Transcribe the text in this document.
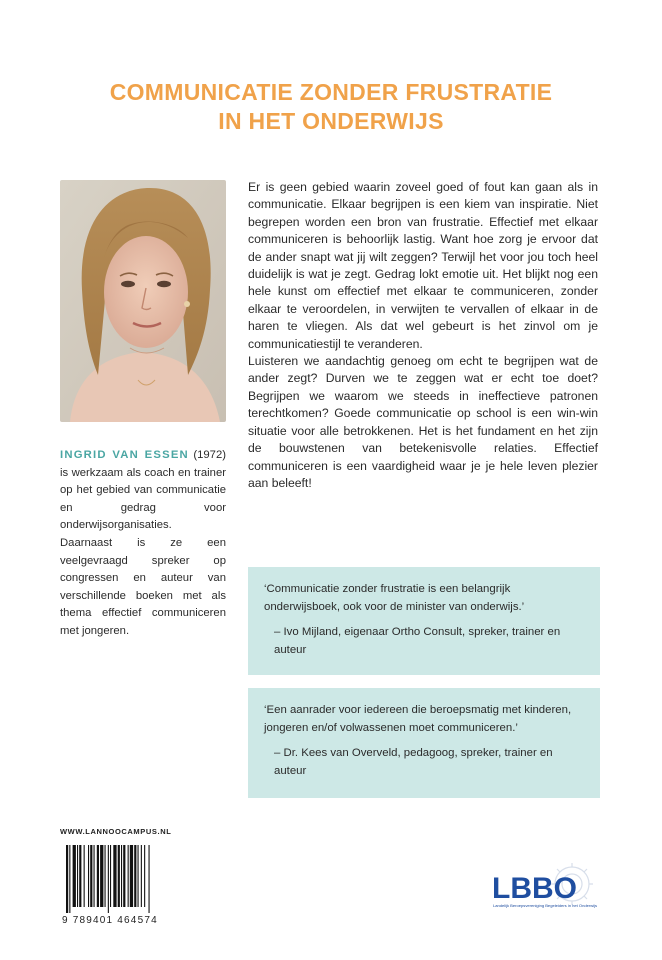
COMMUNICATIE ZONDER FRUSTRATIE
IN HET ONDERWIJS
INGRID VAN ESSEN (1972) is werkzaam als coach en trainer op het gebied van communicatie en gedrag voor onderwijsorganisaties. Daarnaast is ze een veelgevraagd spreker op congressen en auteur van verschillende boeken met als thema effectief communiceren met jongeren.

Er is geen gebied waarin zoveel goed of fout kan gaan als in communicatie. Elkaar begrijpen is een kiem van inspiratie. Niet begrepen worden een bron van frustratie. Effectief met elkaar communiceren is behoorlijk lastig. Want hoe zorg je ervoor dat de ander snapt wat jij wilt zeggen? Terwijl het voor jou toch heel duidelijk is wat je zegt. Gedrag lokt emotie uit. Het blijkt nog een hele kunst om effectief met elkaar te communiceren, zonder elkaar te veroordelen, in verwijten te vervallen of elkaar in de haren te vliegen. Als dat wel gebeurt is het zinvol om je communicatiestijl te veranderen.

Luisteren we aandachtig genoeg om echt te begrijpen wat de ander zegt? Durven we te zeggen wat er echt toe doet? Begrijpen we waarom we steeds in ineffectieve patronen terechtkomen? Goede communicatie op school is een win-win situatie voor alle betrokkenen. Het is het fundament en het zijn de bouwstenen van betekenisvolle relaties. Effectief communiceren is een vaardigheid waar je je hele leven plezier aan beleeft!

‘Communicatie zonder frustratie is een belangrijk onderwijsboek, ook voor de minister van onderwijs.’

– Ivo Mijland, eigenaar Ortho Consult, spreker, trainer en auteur

‘Een aanrader voor iedereen die beroepsmatig met kinderen, jongeren en/of volwassenen moet communiceren.’

– Dr. Kees van Overveld, pedagoog, spreker, trainer en auteur

WWW.LANNOOCAMPUS.NL
9 789401 464574
LBBO
Landelijk Beroepsvereniging Begeleiders in het Onderwijs
